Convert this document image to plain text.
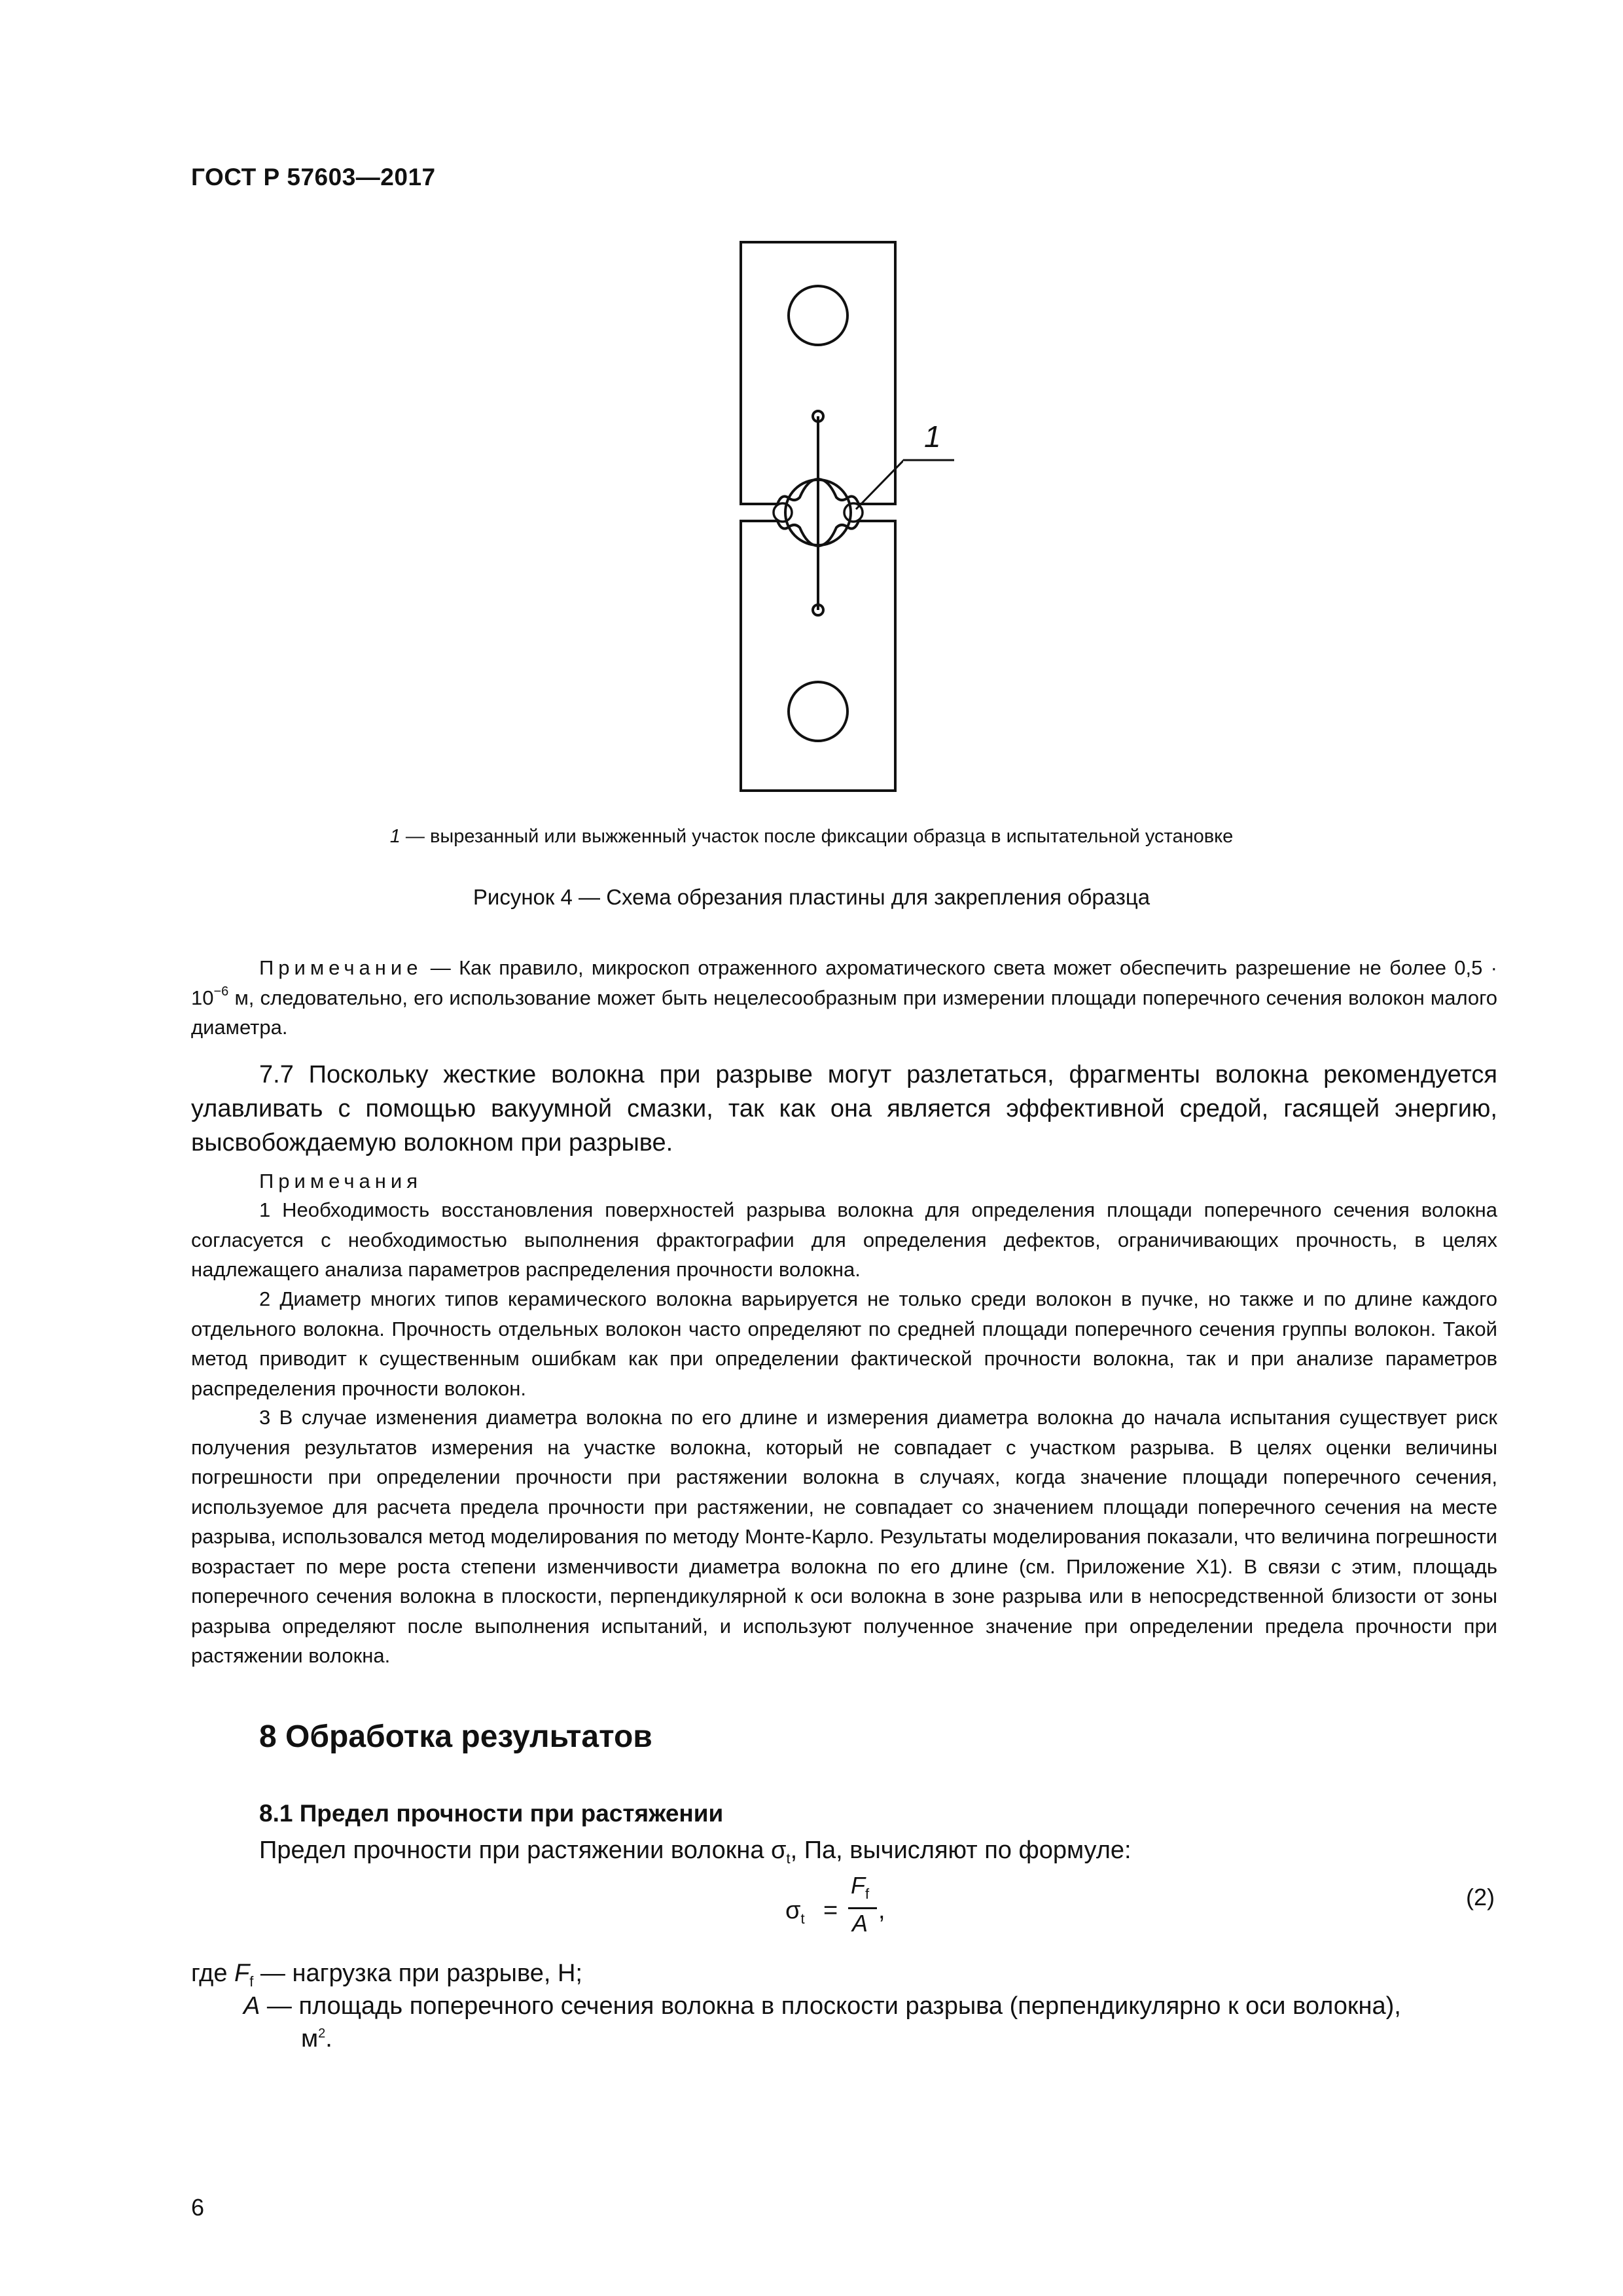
ГОСТ Р 57603—2017
1
1 — вырезанный или выжженный участок после фиксации образца в испытательной установке
Рисунок 4 — Схема обрезания пластины для закрепления образца
Примечание — Как правило, микроскоп отраженного ахроматического света может обеспечить разрешение не более $0,5 \cdot 10^{-6}$ м, следовательно, его использование может быть нецелесообразным при измерении площади поперечного сечения волокон малого диаметра.
7.7 Поскольку жесткие волокна при разрыве могут разлетаться, фрагменты волокна рекомендуется улавливать с помощью вакуумной смазки, так как она является эффективной средой, гасящей энергию, высвобождаемую волокном при разрыве.
Примечания
1 Необходимость восстановления поверхностей разрыва волокна для определения площади поперечного сечения волокна согласуется с необходимостью выполнения фрактографии для определения дефектов, ограничивающих прочность, в целях надлежащего анализа параметров распределения прочности волокна.
2 Диаметр многих типов керамического волокна варьируется не только среди волокон в пучке, но также и по длине каждого отдельного волокна. Прочность отдельных волокон часто определяют по средней площади поперечного сечения группы волокон. Такой метод приводит к существенным ошибкам как при определении фактической прочности волокна, так и при анализе параметров распределения прочности волокон.
3 В случае изменения диаметра волокна по его длине и измерения диаметра волокна до начала испытания существует риск получения результатов измерения на участке волокна, который не совпадает с участком разрыва. В целях оценки величины погрешности при определении прочности при растяжении волокна в случаях, когда значение площади поперечного сечения, используемое для расчета предела прочности при растяжении, не совпадает со значением площади поперечного сечения на месте разрыва, использовался метод моделирования по методу Монте-Карло. Результаты моделирования показали, что величина погрешности возрастает по мере роста степени изменчивости диаметра волокна по его длине (см. Приложение X1). В связи с этим, площадь поперечного сечения волокна в плоскости, перпендикулярной к оси волокна в зоне разрыва или в непосредственной близости от зоны разрыва определяют после выполнения испытаний, и используют полученное значение при определении предела прочности при растяжении волокна.
8 Обработка результатов
8.1 Предел прочности при растяжении
Предел прочности при растяжении волокна $\sigma_t$, Па, вычисляют по формуле:
$\sigma_t$ =
$F_f$
A ,	(2)
где $F_f$ — нагрузка при разрыве, Н;
A — площадь поперечного сечения волокна в плоскости разрыва (перпендикулярно к оси волокна),
$м^2$.
6
